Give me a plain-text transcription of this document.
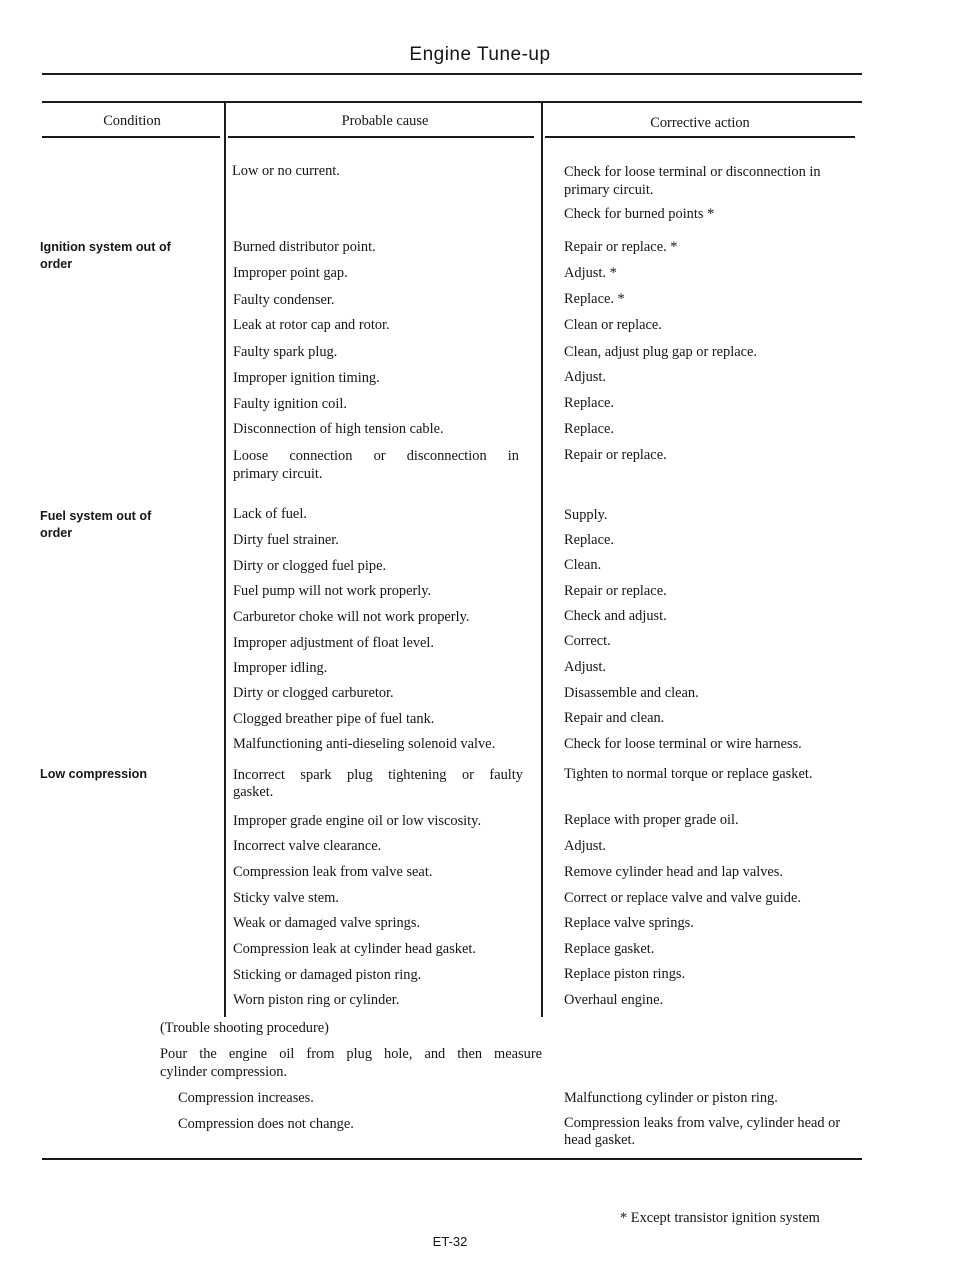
Engine Tune-up
Condition	Probable cause	Corrective action
Ignition system out of order
Fuel system out of order
Low compression
Low or no current.
Burned distributor point.
Improper point gap.
Faulty condenser.
Leak at rotor cap and rotor.
Faulty spark plug.
Improper ignition timing.
Faulty ignition coil.
Disconnection of high tension cable.
Loose connection or disconnection in
primary circuit.
Lack of fuel.
Dirty fuel strainer.
Dirty or clogged fuel pipe.
Fuel pump will not work properly.
Carburetor choke will not work properly.
Improper adjustment of float level.
Improper idling.
Dirty or clogged carburetor.
Clogged breather pipe of fuel tank.
Malfunctioning anti-dieseling solenoid valve.
Incorrect spark plug tightening or faulty
gasket.
Improper grade engine oil or low viscosity.
Incorrect valve clearance.
Compression leak from valve seat.
Sticky valve stem.
Weak or damaged valve springs.
Compression leak at cylinder head gasket.
Sticking or damaged piston ring.
Worn piston ring or cylinder.
Check for loose terminal or disconnection in
primary circuit.
Check for burned points *
Repair or replace. *
Adjust. *
Replace. *
Clean or replace.
Clean, adjust plug gap or replace.
Adjust.
Replace.
Replace.
Repair or replace.
Supply.
Replace.
Clean.
Repair or replace.
Check and adjust.
Correct.
Adjust.
Disassemble and clean.
Repair and clean.
Check for loose terminal or wire harness.
Tighten to normal torque or replace gasket.
Replace with proper grade oil.
Adjust.
Remove cylinder head and lap valves.
Correct or replace valve and valve guide.
Replace valve springs.
Replace gasket.
Replace piston rings.
Overhaul engine.
(Trouble shooting procedure)
Pour the engine oil from plug hole, and then measure
cylinder compression.
Compression increases.
Compression does not change.
Malfunctiong cylinder or piston ring.
Compression leaks from valve, cylinder head or head gasket.
* Except transistor ignition system
ET-32
